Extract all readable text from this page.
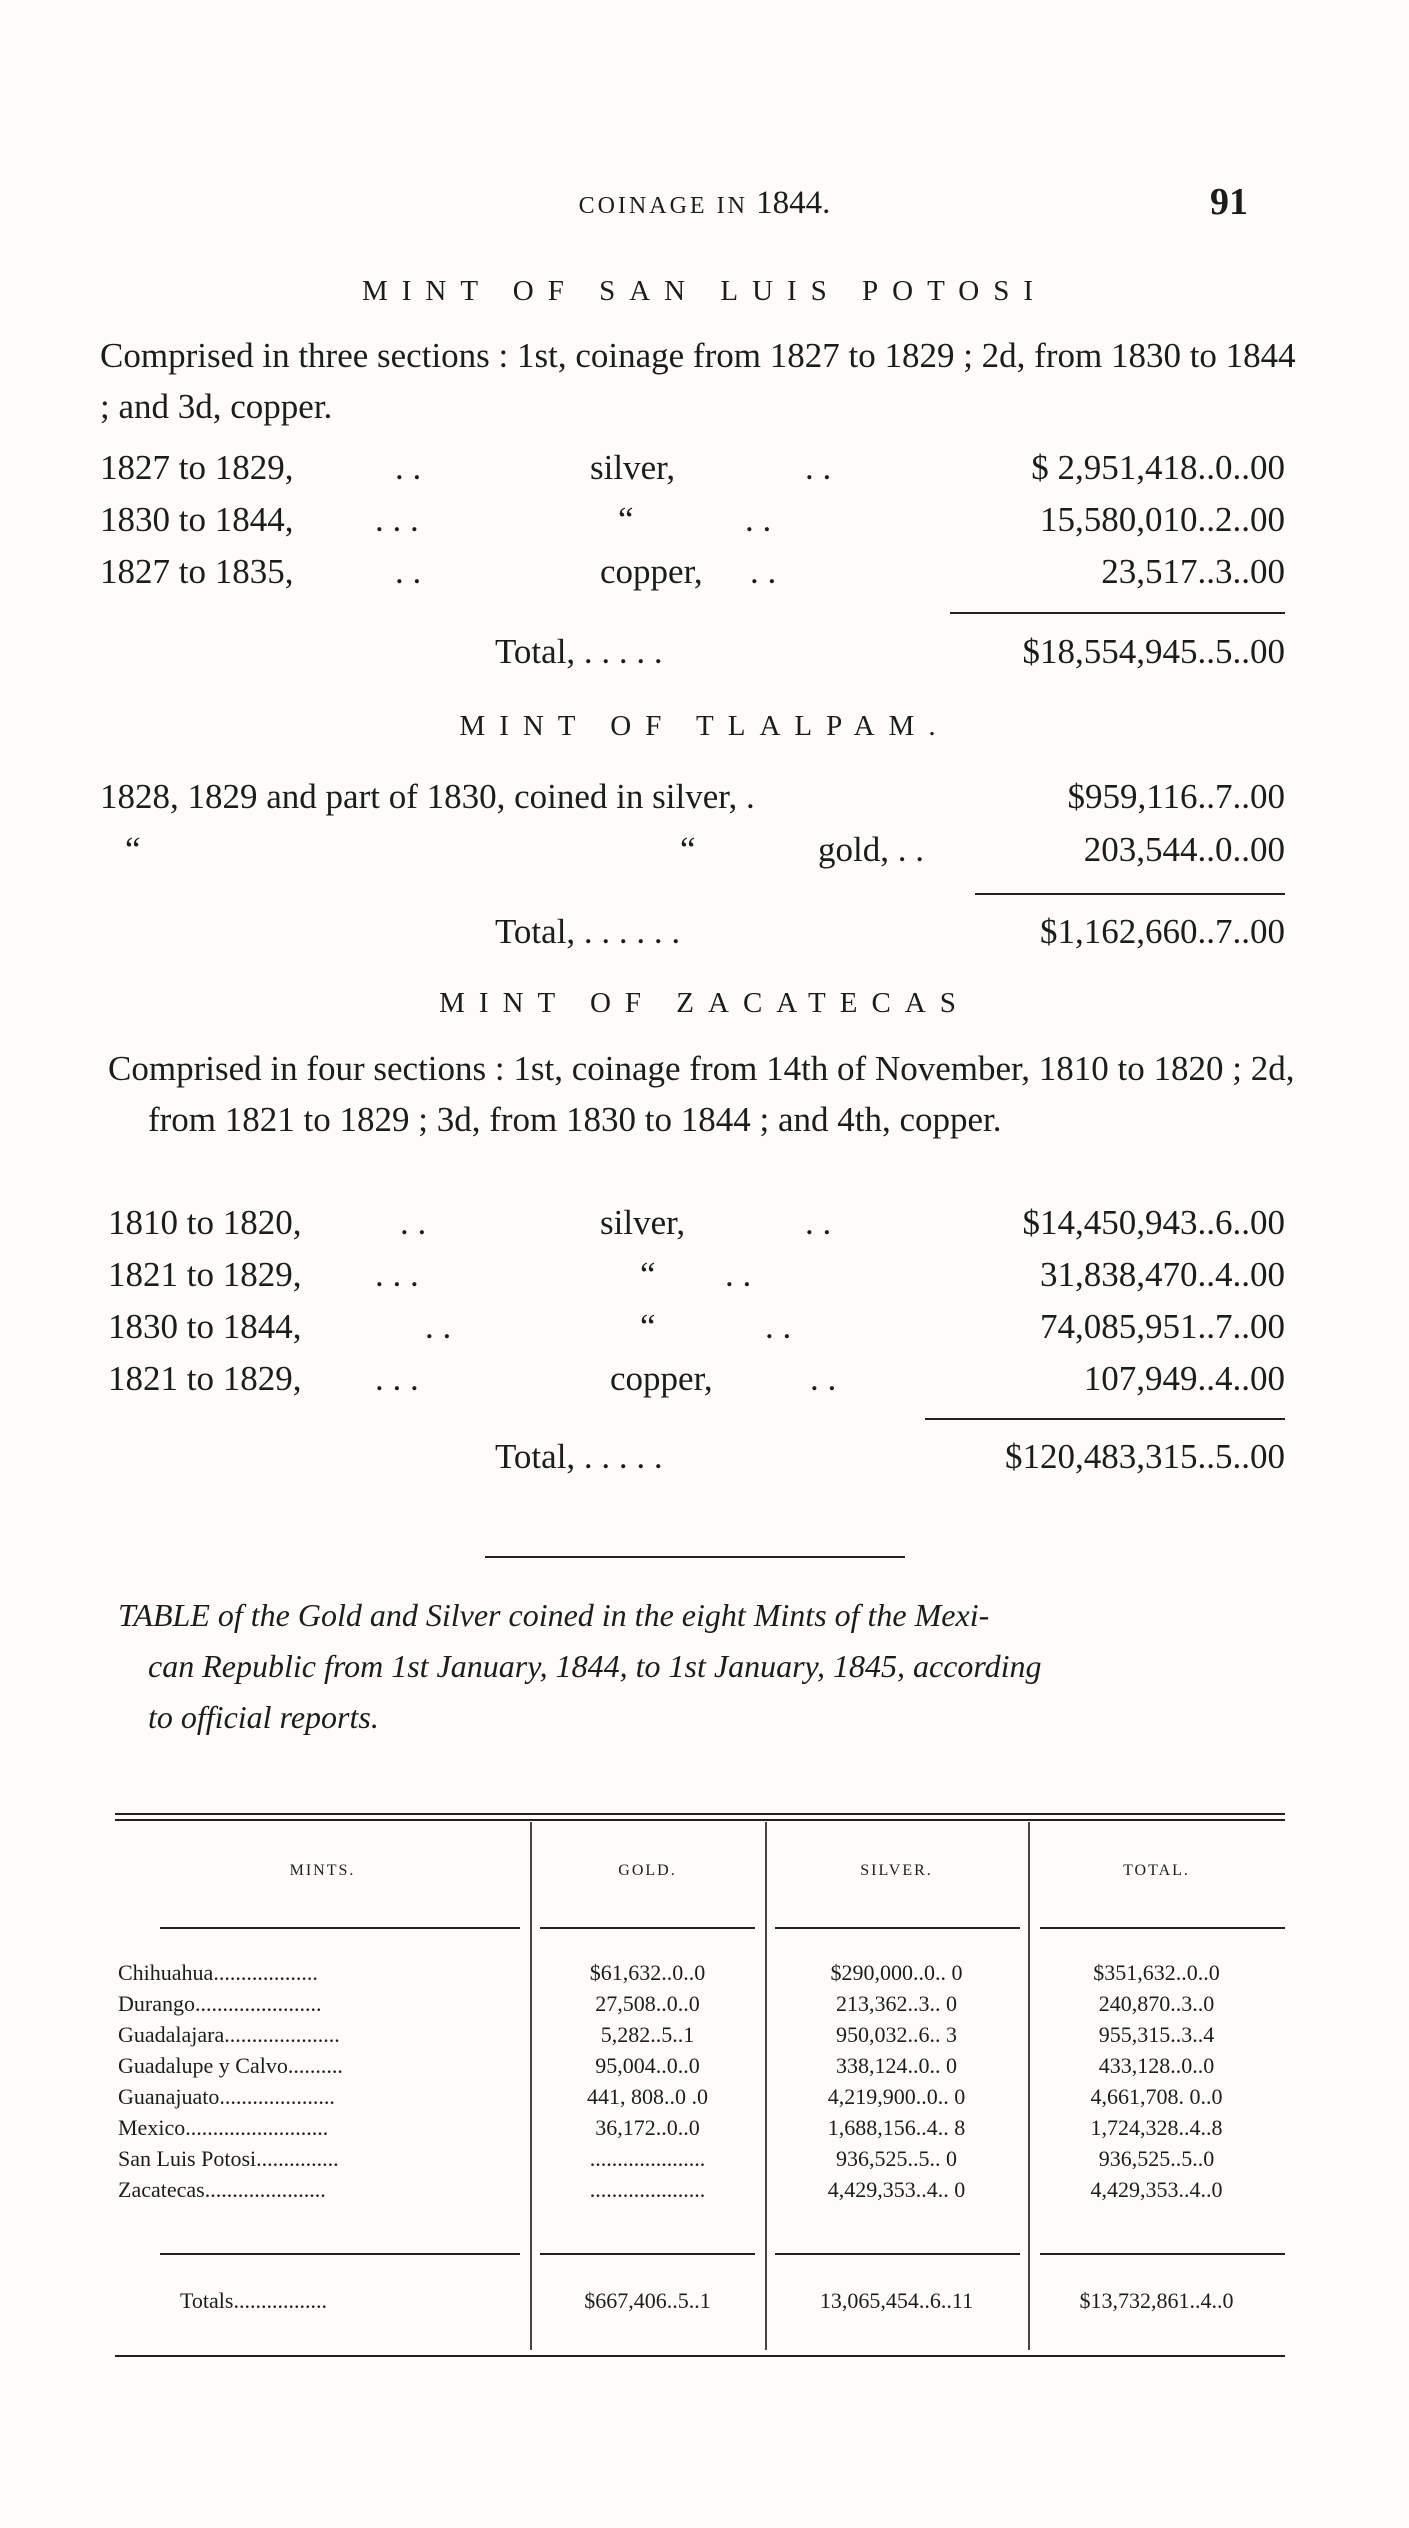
COINAGE IN 1844.	91
MINT OF SAN LUIS POTOSI
Comprised in three sections : 1st, coinage from 1827 to 1829 ; 2d, from 1830 to 1844 ; and 3d, copper.
1827 to 1829,	. .	silver,	. .	$ 2,951,418..0..00
1830 to 1844, . . .	“	. .	15,580,010..2..00
1827 to 1835,	. .	copper, . .	23,517..3..00
Total, . . . . .	$18,554,945..5..00
MINT OF TLALPAM.
1828, 1829 and part of 1830, coined in silver, .	$959,116..7..00
“	“	gold, . .	203,544..0..00
Total, . . . . . .	$1,162,660..7..00
MINT OF ZACATECAS
Comprised in four sections : 1st, coinage from 14th of November, 1810 to 1820 ; 2d, from 1821 to 1829 ; 3d, from 1830 to 1844 ; and 4th, copper.
1810 to 1820,	. .	silver,	. .	$14,450,943..6..00
1821 to 1829, . . .	“ . .	31,838,470..4..00
1830 to 1844,	. .	“	. .	74,085,951..7..00
1821 to 1829, . . .	copper,	. .	107,949..4..00
Total, . . . . .	$120,483,315..5..00
TABLE of the Gold and Silver coined in the eight Mints of the Mexi-
can Republic from 1st January, 1844, to 1st January, 1845, according
to official reports.
MINTS.	GOLD.	SILVER.	TOTAL.
Chihuahua...................	$61,632..0..0	$290,000..0.. 0	$351,632..0..0
Durango.......................	27,508..0..0	213,362..3.. 0	240,870..3..0
Guadalajara.....................	5,282..5..1	950,032..6.. 3	955,315..3..4
Guadalupe y Calvo..........	95,004..0..0	338,124..0.. 0	433,128..0..0
Guanajuato.....................	441, 808..0 .0	4,219,900..0.. 0	4,661,708. 0..0
Mexico..........................	36,172..0..0	1,688,156..4.. 8	1,724,328..4..8
San Luis Potosi...............	.....................	936,525..5.. 0	936,525..5..0
Zacatecas......................	.....................	4,429,353..4.. 0	4,429,353..4..0
Totals.................	$667,406..5..1	13,065,454..6..11	$13,732,861..4..0
